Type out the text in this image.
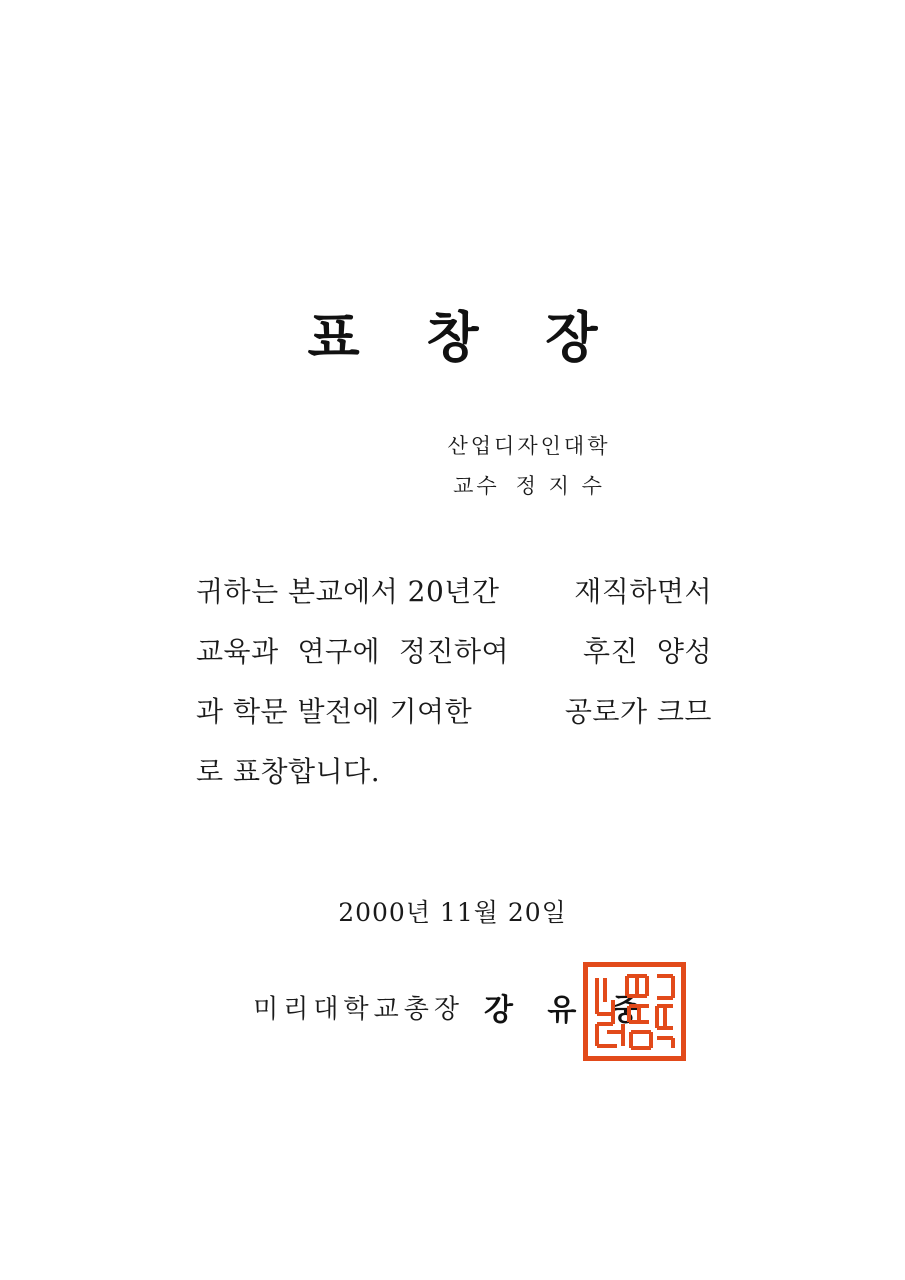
표 창 장
산업디자인대학
교수 정 지 수
귀하는 본교에서 20년간	재직하면서
교육과  연구에  정진하여	후진  양성
과 학문 발전에 기여한	공로가 크므
로 표창합니다.
2000년 11월 20일
미리대학교총장 강 유 중
